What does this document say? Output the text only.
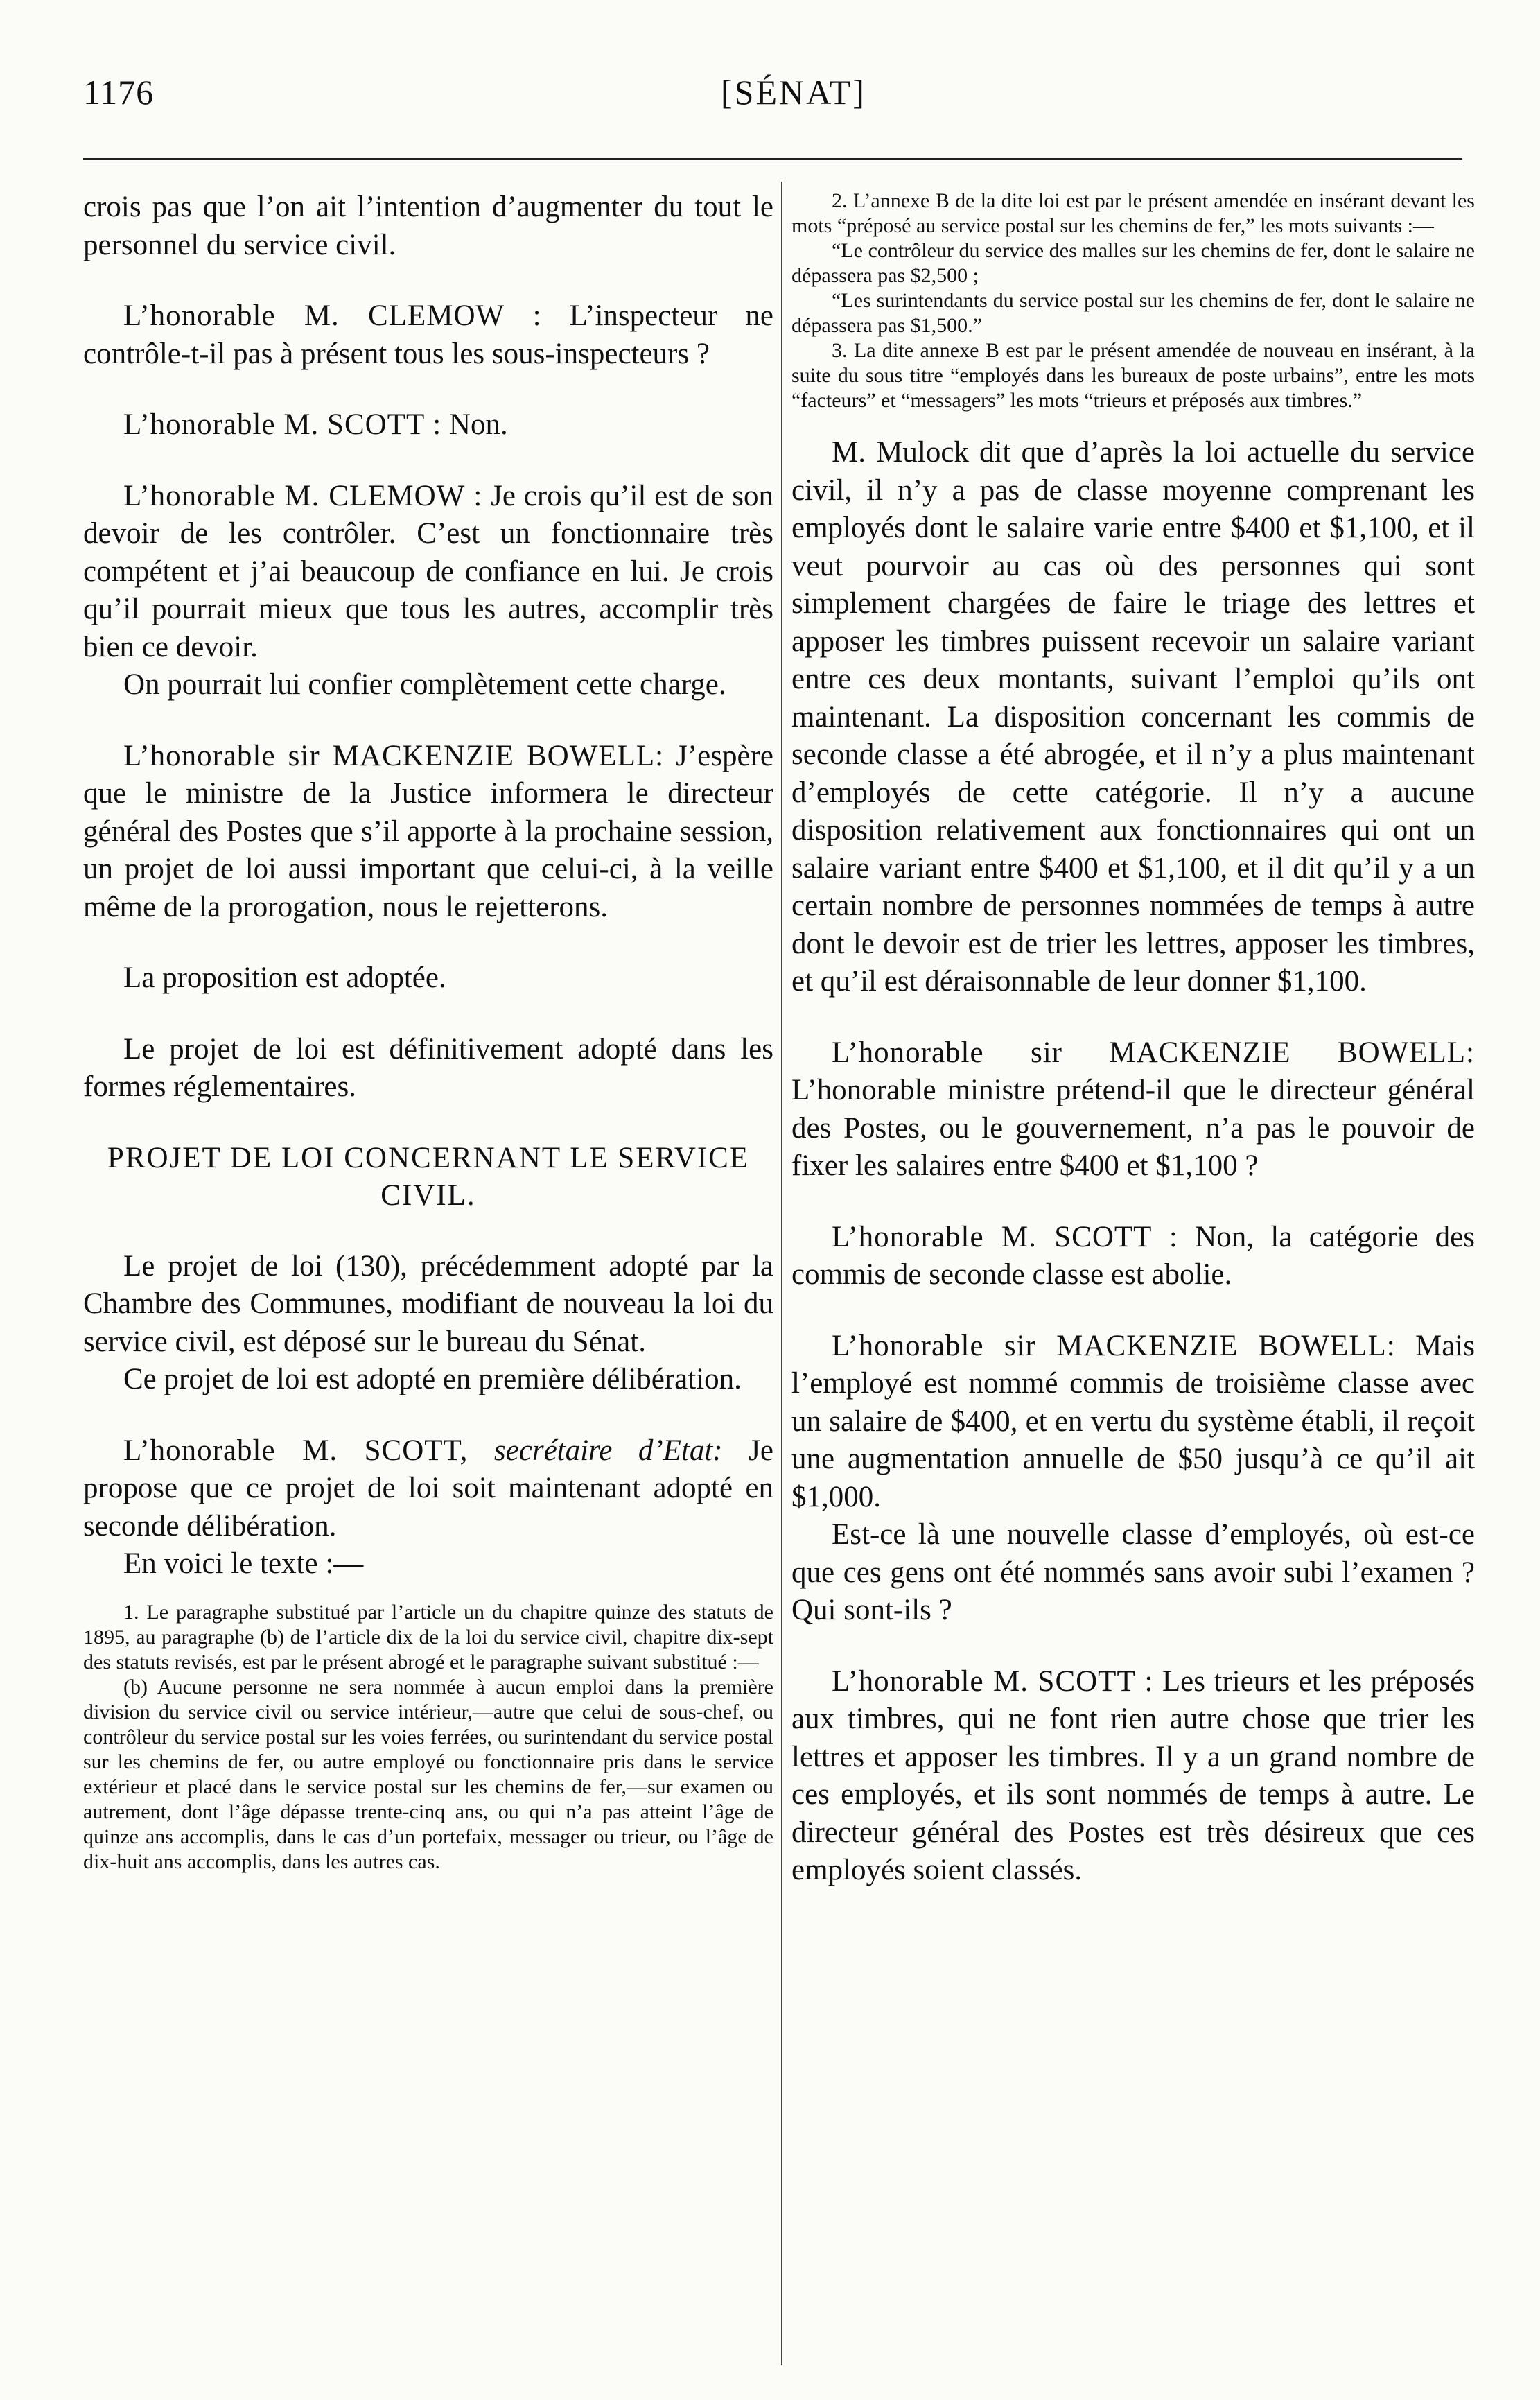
1176	[SÉNAT]

crois pas que l’on ait l’intention d’augmenter du tout le personnel du service civil.

L’honorable M. CLEMOW : L’inspecteur ne contrôle-t-il pas à présent tous les sous-inspecteurs ?

L’honorable M. SCOTT : Non.

L’honorable M. CLEMOW : Je crois qu’il est de son devoir de les contrôler. C’est un fonctionnaire très compétent et j’ai beaucoup de confiance en lui. Je crois qu’il pourrait mieux que tous les autres, accomplir très bien ce devoir.

On pourrait lui confier complètement cette charge.

L’honorable sir MACKENZIE BOWELL: J’espère que le ministre de la Justice informera le directeur général des Postes que s’il apporte à la prochaine session, un projet de loi aussi important que celui-ci, à la veille même de la prorogation, nous le rejetterons.

La proposition est adoptée.

Le projet de loi est définitivement adopté dans les formes réglementaires.

PROJET DE LOI CONCERNANT LE SERVICE CIVIL.

Le projet de loi (130), précédemment adopté par la Chambre des Communes, modifiant de nouveau la loi du service civil, est déposé sur le bureau du Sénat.

Ce projet de loi est adopté en première délibération.

L’honorable M. SCOTT, secrétaire d’Etat: Je propose que ce projet de loi soit maintenant adopté en seconde délibération.

En voici le texte :—

1. Le paragraphe substitué par l’article un du chapitre quinze des statuts de 1895, au paragraphe (b) de l’article dix de la loi du service civil, chapitre dix-sept des statuts revisés, est par le présent abrogé et le paragraphe suivant substitué :—

(b) Aucune personne ne sera nommée à aucun emploi dans la première division du service civil ou service intérieur,—autre que celui de sous-chef, ou contrôleur du service postal sur les voies ferrées, ou surintendant du service postal sur les chemins de fer, ou autre employé ou fonctionnaire pris dans le service extérieur et placé dans le service postal sur les chemins de fer,—sur examen ou autrement, dont l’âge dépasse trente-cinq ans, ou qui n’a pas atteint l’âge de quinze ans accomplis, dans le cas d’un portefaix, messager ou trieur, ou l’âge de dix-huit ans accomplis, dans les autres cas.

2. L’annexe B de la dite loi est par le présent amendée en insérant devant les mots “préposé au service postal sur les chemins de fer,” les mots suivants :—

“Le contrôleur du service des malles sur les chemins de fer, dont le salaire ne dépassera pas $2,500 ;

“Les surintendants du service postal sur les chemins de fer, dont le salaire ne dépassera pas $1,500.”

3. La dite annexe B est par le présent amendée de nouveau en insérant, à la suite du sous titre “employés dans les bureaux de poste urbains”, entre les mots “facteurs” et “messagers” les mots “trieurs et préposés aux timbres.”

M. Mulock dit que d’après la loi actuelle du service civil, il n’y a pas de classe moyenne comprenant les employés dont le salaire varie entre $400 et $1,100, et il veut pourvoir au cas où des personnes qui sont simplement chargées de faire le triage des lettres et apposer les timbres puissent recevoir un salaire variant entre ces deux montants, suivant l’emploi qu’ils ont maintenant. La disposition concernant les commis de seconde classe a été abrogée, et il n’y a plus maintenant d’employés de cette catégorie. Il n’y a aucune disposition relativement aux fonctionnaires qui ont un salaire variant entre $400 et $1,100, et il dit qu’il y a un certain nombre de personnes nommées de temps à autre dont le devoir est de trier les lettres, apposer les timbres, et qu’il est déraisonnable de leur donner $1,100.

L’honorable sir MACKENZIE BOWELL: L’honorable ministre prétend-il que le directeur général des Postes, ou le gouvernement, n’a pas le pouvoir de fixer les salaires entre $400 et $1,100 ?

L’honorable M. SCOTT : Non, la catégorie des commis de seconde classe est abolie.

L’honorable sir MACKENZIE BOWELL: Mais l’employé est nommé commis de troisième classe avec un salaire de $400, et en vertu du système établi, il reçoit une augmentation annuelle de $50 jusqu’à ce qu’il ait $1,000.

Est-ce là une nouvelle classe d’employés, où est-ce que ces gens ont été nommés sans avoir subi l’examen ? Qui sont-ils ?

L’honorable M. SCOTT : Les trieurs et les préposés aux timbres, qui ne font rien autre chose que trier les lettres et apposer les timbres. Il y a un grand nombre de ces employés, et ils sont nommés de temps à autre. Le directeur général des Postes est très désireux que ces employés soient classés.
